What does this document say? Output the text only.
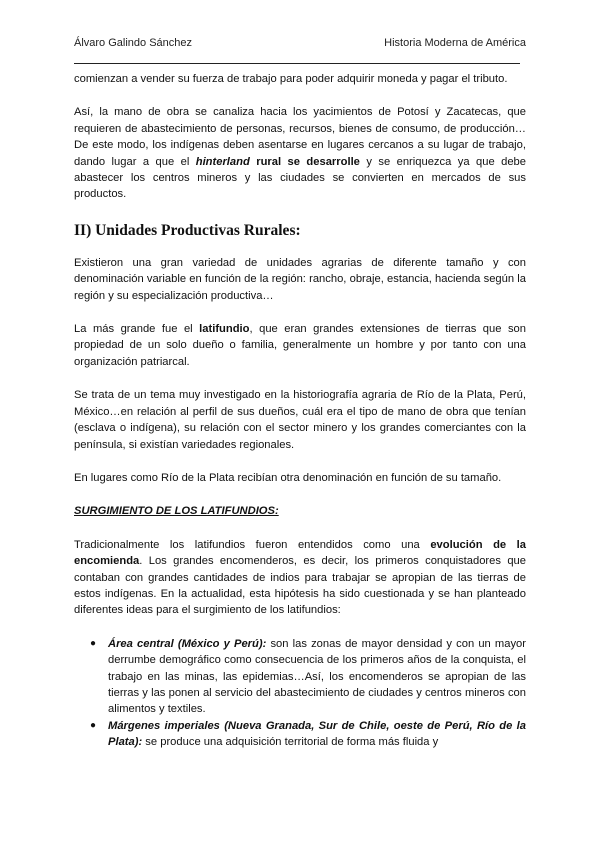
Álvaro Galindo Sánchez	Historia Moderna de América

comienzan a vender su fuerza de trabajo para poder adquirir moneda y pagar el tributo.

Así, la mano de obra se canaliza hacia los yacimientos de Potosí y Zacatecas, que requieren de abastecimiento de personas, recursos, bienes de consumo, de producción… De este modo, los indígenas deben asentarse en lugares cercanos a su lugar de trabajo, dando lugar a que el hinterland rural se desarrolle y se enriquezca ya que debe abastecer los centros mineros y las ciudades se convierten en mercados de sus productos.

II) Unidades Productivas Rurales:

Existieron una gran variedad de unidades agrarias de diferente tamaño y con denominación variable en función de la región: rancho, obraje, estancia, hacienda según la región y su especialización productiva…

La más grande fue el latifundio, que eran grandes extensiones de tierras que son propiedad de un solo dueño o familia, generalmente un hombre y por tanto con una organización patriarcal.

Se trata de un tema muy investigado en la historiografía agraria de Río de la Plata, Perú, México…en relación al perfil de sus dueños, cuál era el tipo de mano de obra que tenían (esclava o indígena), su relación con el sector minero y los grandes comerciantes con la península, si existían variedades regionales.

En lugares como Río de la Plata recibían otra denominación en función de su tamaño.

SURGIMIENTO DE LOS LATIFUNDIOS:

Tradicionalmente los latifundios fueron entendidos como una evolución de la encomienda. Los grandes encomenderos, es decir, los primeros conquistadores que contaban con grandes cantidades de indios para trabajar se apropian de las tierras de estos indígenas. En la actualidad, esta hipótesis ha sido cuestionada y se han planteado diferentes ideas para el surgimiento de los latifundios:

● Área central (México y Perú): son las zonas de mayor densidad y con un mayor derrumbe demográfico como consecuencia de los primeros años de la conquista, el trabajo en las minas, las epidemias…Así, los encomenderos se apropian de las tierras y las ponen al servicio del abastecimiento de ciudades y centros mineros con alimentos y textiles.
● Márgenes imperiales (Nueva Granada, Sur de Chile, oeste de Perú, Río de la Plata): se produce una adquisición territorial de forma más fluida y
